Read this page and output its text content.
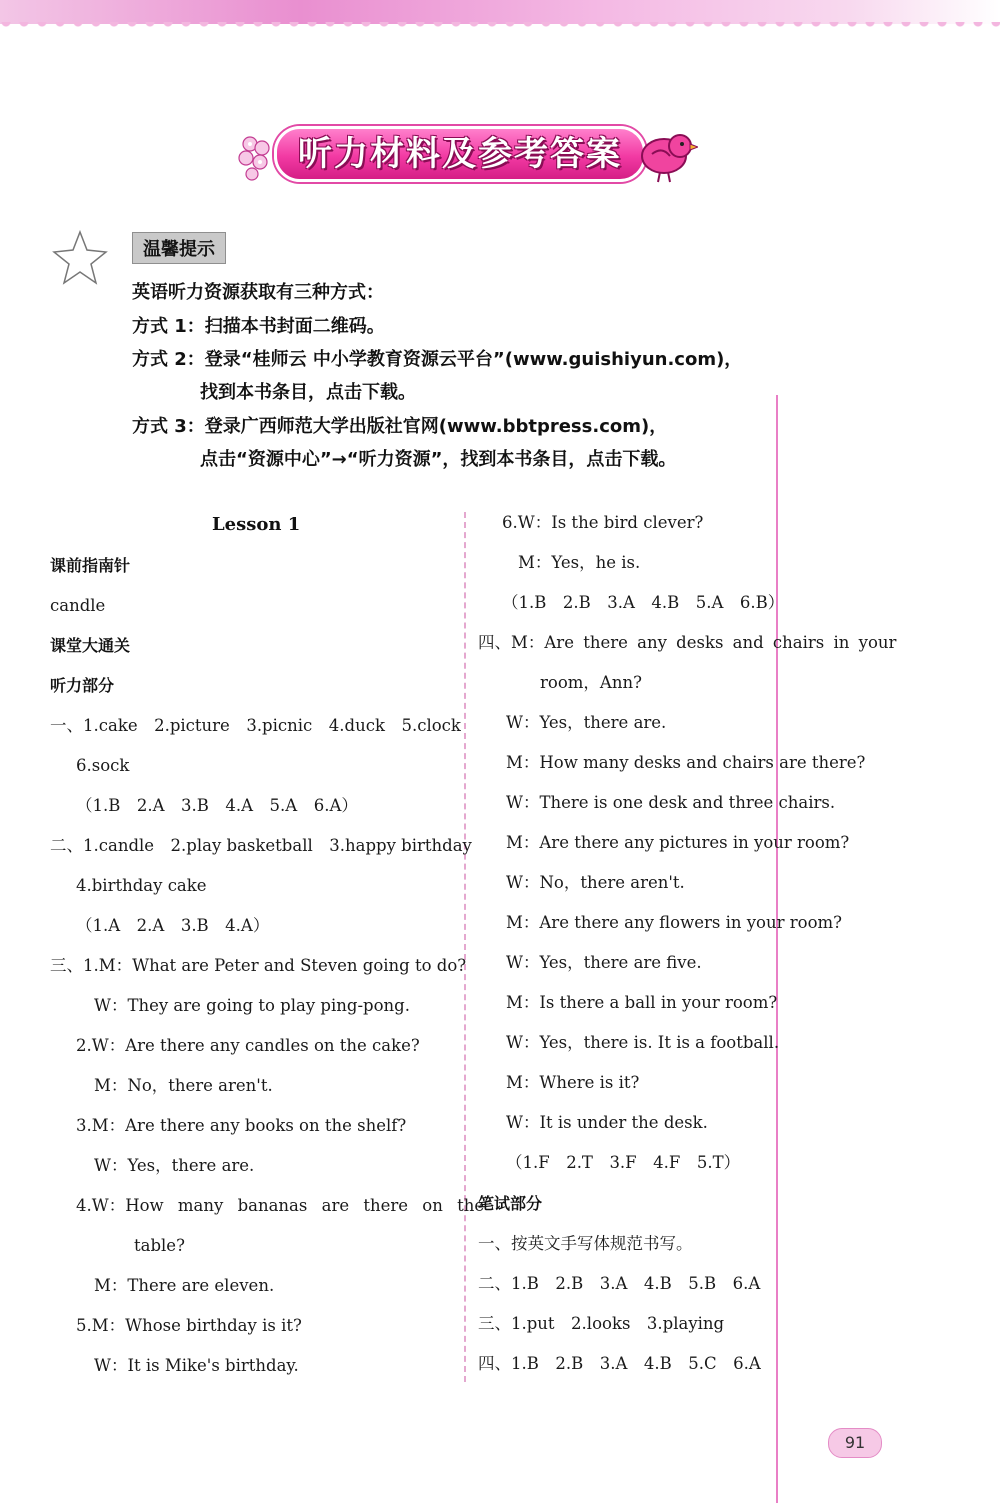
听力材料及参考答案
温馨提示
英语听力资源获取有三种方式：
方式 1：扫描本书封面二维码。
方式 2：登录“桂师云 中小学教育资源云平台”(www.guishiyun.com)，
找到本书条目，点击下载。
方式 3：登录广西师范大学出版社官网(www.bbtpress.com)，
点击“资源中心”→“听力资源”，找到本书条目，点击下载。
Lesson 1
课前指南针
candle
课堂大通关
听力部分
一、1.cake　2.picture　3.picnic　4.duck　5.clock
6.sock
（1.B　2.A　3.B　4.A　5.A　6.A）
二、1.candle　2.play basketball　3.happy birthday
4.birthday cake
（1.A　2.A　3.B　4.A）
三、1.M：What are Peter and Steven going to do?
W：They are going to play ping-pong.
2.W：Are there any candles on the cake?
M：No，there aren't.
3.M：Are there any books on the shelf?
W：Yes，there are.
4.W：How many bananas are there on the
table?
M：There are eleven.
5.M：Whose birthday is it?
W：It is Mike's birthday.
6.W：Is the bird clever?
M：Yes，he is.
（1.B　2.B　3.A　4.B　5.A　6.B）
四、M：Are there any desks and chairs in your
room，Ann?
W：Yes，there are.
M：How many desks and chairs are there?
W：There is one desk and three chairs.
M：Are there any pictures in your room?
W：No，there aren't.
M：Are there any flowers in your room?
W：Yes，there are five.
M：Is there a ball in your room?
W：Yes，there is. It is a football.
M：Where is it?
W：It is under the desk.
（1.F　2.T　3.F　4.F　5.T）
笔试部分
一、按英文手写体规范书写。
二、1.B　2.B　3.A　4.B　5.B　6.A
三、1.put　2.looks　3.playing
四、1.B　2.B　3.A　4.B　5.C　6.A
91
